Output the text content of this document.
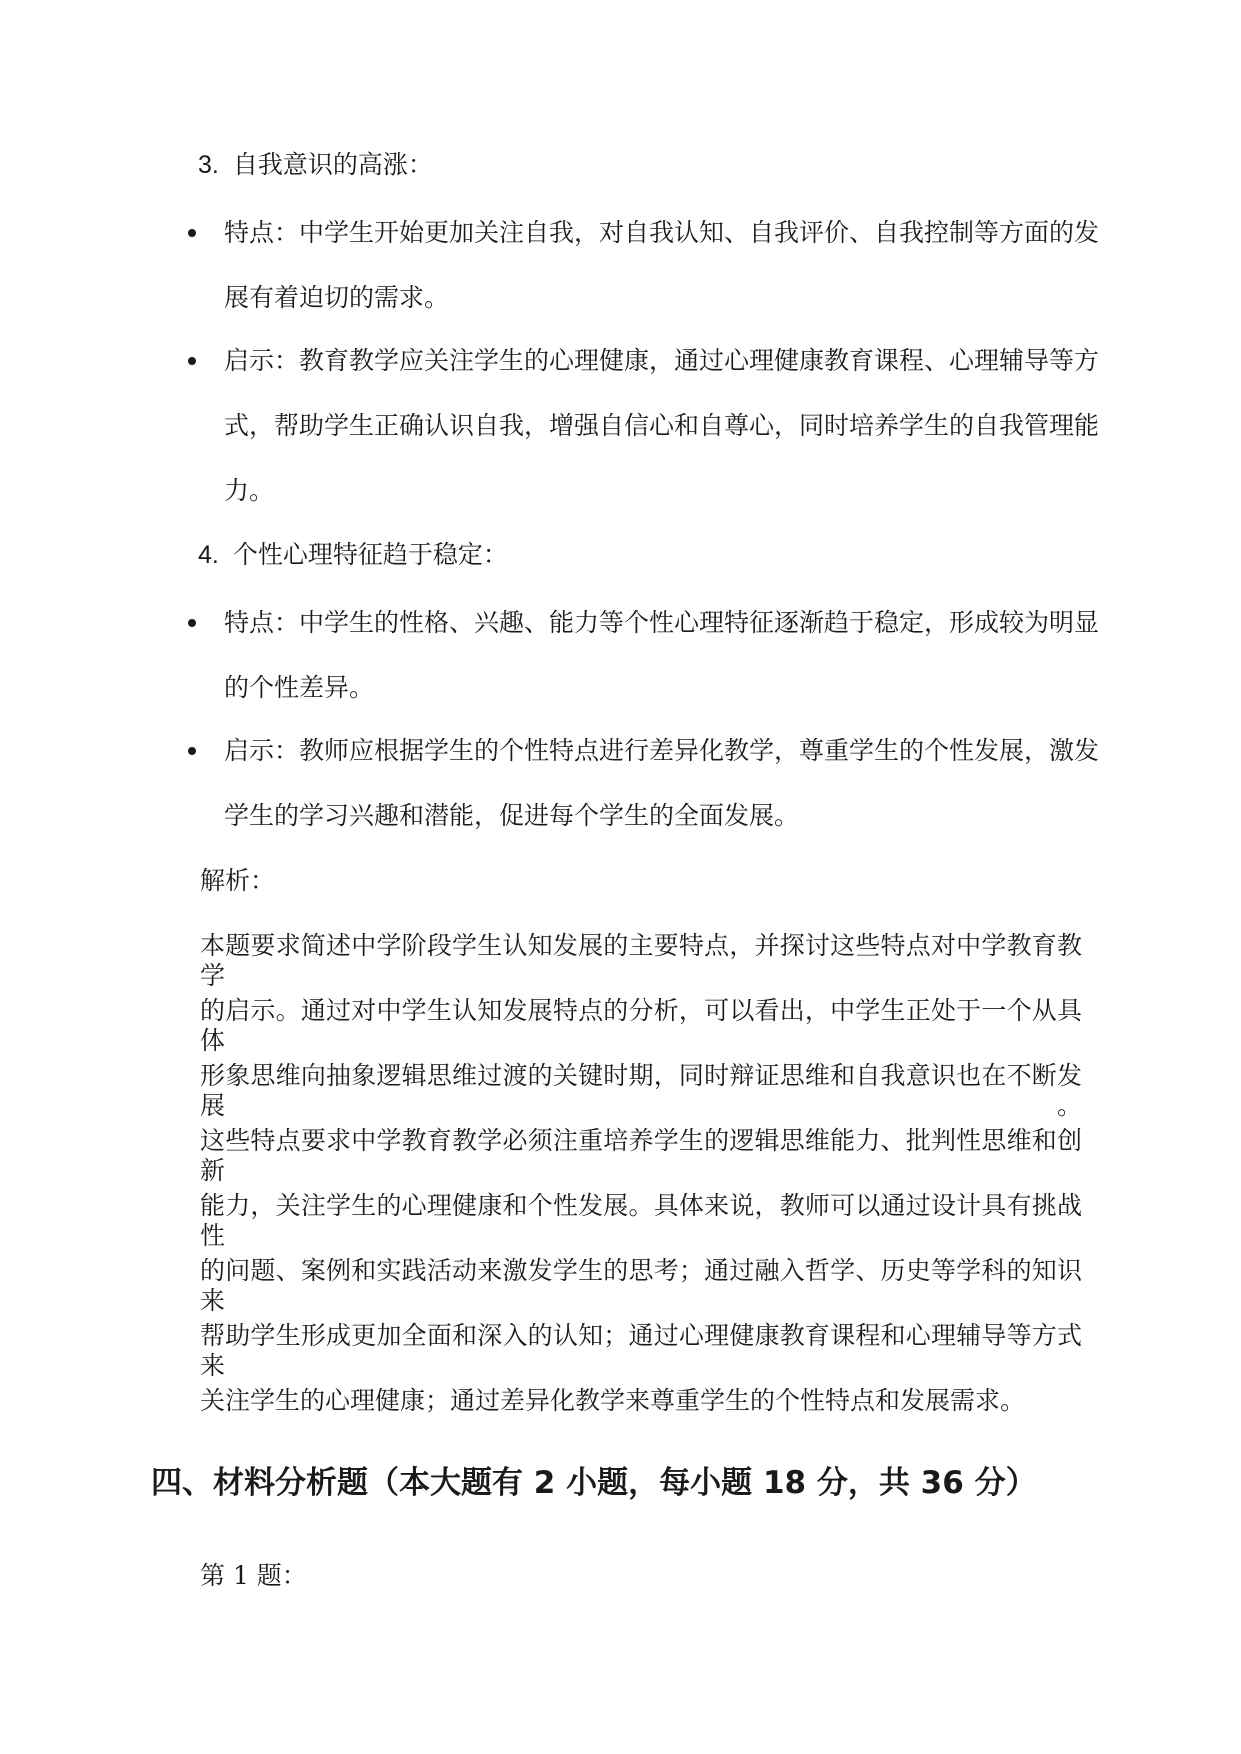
3. 自我意识的高涨：
特点：中学生开始更加关注自我，对自我认知、自我评价、自我控制等方面的发
展有着迫切的需求。
启示：教育教学应关注学生的心理健康，通过心理健康教育课程、心理辅导等方
式，帮助学生正确认识自我，增强自信心和自尊心，同时培养学生的自我管理能
力。
4. 个性心理特征趋于稳定：
特点：中学生的性格、兴趣、能力等个性心理特征逐渐趋于稳定，形成较为明显
的个性差异。
启示：教师应根据学生的个性特点进行差异化教学，尊重学生的个性发展，激发
学生的学习兴趣和潜能，促进每个学生的全面发展。
解析：
本题要求简述中学阶段学生认知发展的主要特点，并探讨这些特点对中学教育教学
的启示。通过对中学生认知发展特点的分析，可以看出，中学生正处于一个从具体
形象思维向抽象逻辑思维过渡的关键时期，同时辩证思维和自我意识也在不断发展。
这些特点要求中学教育教学必须注重培养学生的逻辑思维能力、批判性思维和创新
能力，关注学生的心理健康和个性发展。具体来说，教师可以通过设计具有挑战性
的问题、案例和实践活动来激发学生的思考；通过融入哲学、历史等学科的知识来
帮助学生形成更加全面和深入的认知；通过心理健康教育课程和心理辅导等方式来
关注学生的心理健康；通过差异化教学来尊重学生的个性特点和发展需求。
四、材料分析题（本大题有 2 小题，每小题 18 分，共 36 分）
第 1 题：
